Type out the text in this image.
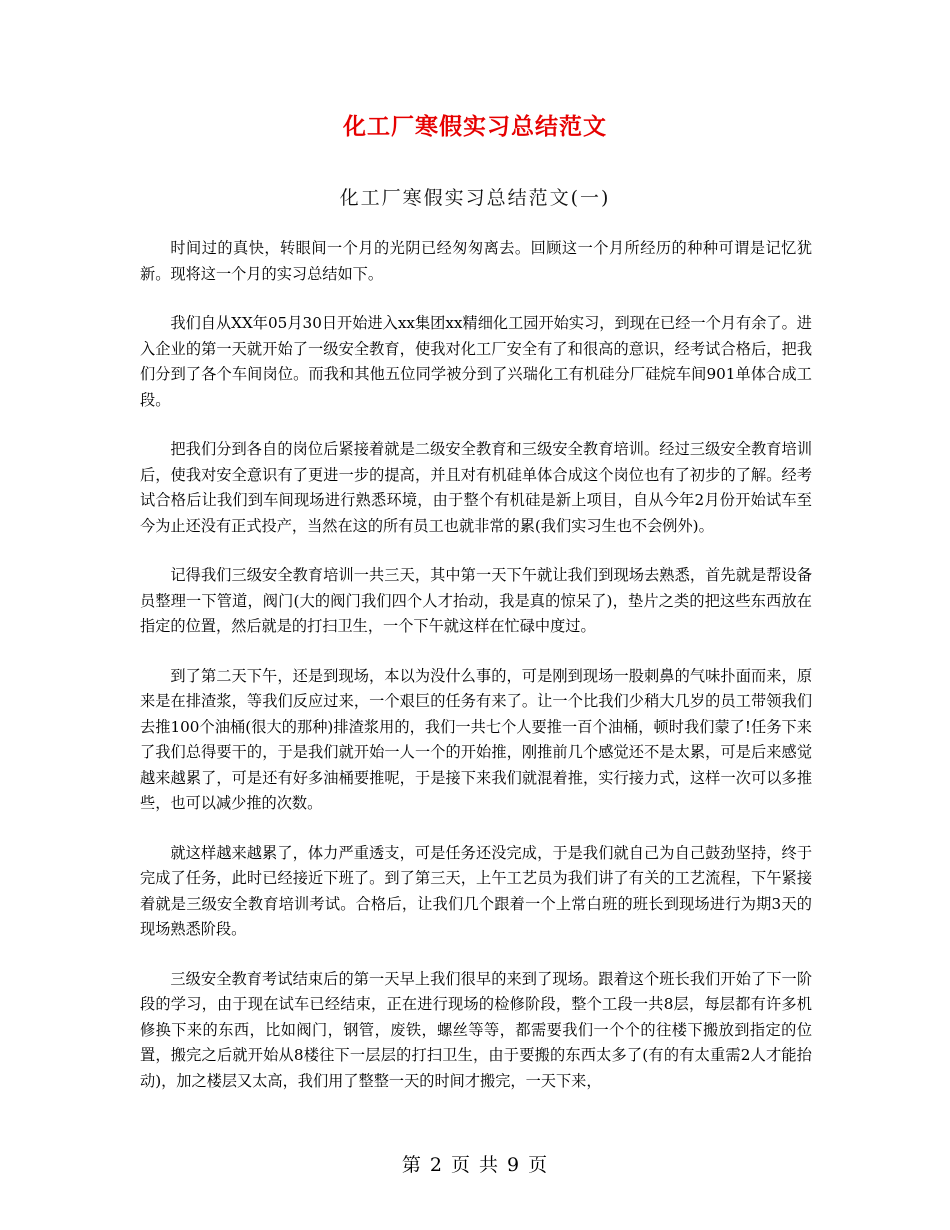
化工厂寒假实习总结范文
化工厂寒假实习总结范文(一)

时间过的真快，转眼间一个月的光阴已经匆匆离去。回顾这一个月所经历的种种可谓是记忆犹新。现将这一个月的实习总结如下。

我们自从XX年05月30日开始进入xx集团xx精细化工园开始实习，到现在已经一个月有余了。进入企业的第一天就开始了一级安全教育，使我对化工厂安全有了和很高的意识，经考试合格后，把我们分到了各个车间岗位。而我和其他五位同学被分到了兴瑞化工有机硅分厂硅烷车间901单体合成工段。

把我们分到各自的岗位后紧接着就是二级安全教育和三级安全教育培训。经过三级安全教育培训后，使我对安全意识有了更进一步的提高，并且对有机硅单体合成这个岗位也有了初步的了解。经考试合格后让我们到车间现场进行熟悉环境，由于整个有机硅是新上项目，自从今年2月份开始试车至今为止还没有正式投产，当然在这的所有员工也就非常的累(我们实习生也不会例外)。

记得我们三级安全教育培训一共三天，其中第一天下午就让我们到现场去熟悉，首先就是帮设备员整理一下管道，阀门(大的阀门我们四个人才抬动，我是真的惊呆了)，垫片之类的把这些东西放在指定的位置，然后就是的打扫卫生，一个下午就这样在忙碌中度过。

到了第二天下午，还是到现场，本以为没什么事的，可是刚到现场一股刺鼻的气味扑面而来，原来是在排渣浆，等我们反应过来，一个艰巨的任务有来了。让一个比我们少稍大几岁的员工带领我们去推100个油桶(很大的那种)排渣浆用的，我们一共七个人要推一百个油桶，顿时我们蒙了!任务下来了我们总得要干的，于是我们就开始一人一个的开始推，刚推前几个感觉还不是太累，可是后来感觉越来越累了，可是还有好多油桶要推呢，于是接下来我们就混着推，实行接力式，这样一次可以多推些，也可以减少推的次数。

就这样越来越累了，体力严重透支，可是任务还没完成，于是我们就自己为自己鼓劲坚持，终于完成了任务，此时已经接近下班了。到了第三天，上午工艺员为我们讲了有关的工艺流程，下午紧接着就是三级安全教育培训考试。合格后，让我们几个跟着一个上常白班的班长到现场进行为期3天的现场熟悉阶段。

三级安全教育考试结束后的第一天早上我们很早的来到了现场。跟着这个班长我们开始了下一阶段的学习，由于现在试车已经结束，正在进行现场的检修阶段，整个工段一共8层，每层都有许多机修换下来的东西，比如阀门，钢管，废铁，螺丝等等，都需要我们一个个的往楼下搬放到指定的位置，搬完之后就开始从8楼往下一层层的打扫卫生，由于要搬的东西太多了(有的有太重需2人才能抬动)，加之楼层又太高，我们用了整整一天的时间才搬完，一天下来，

第 2 页 共 9 页
